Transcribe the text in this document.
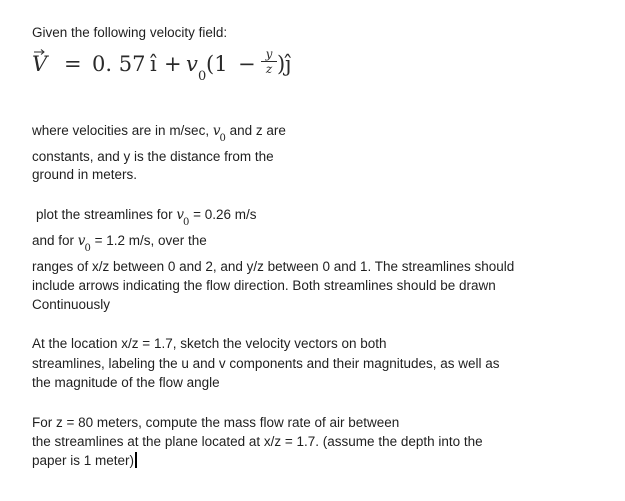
Given the following velocity field:
V = 0. 57 î + v
0
(1 − y
z ) ĵ
where velocities are in m/sec, $v_0$ and z are
constants, and y is the distance from the
ground in meters.
plot the streamlines for $v_0 = 0.26$ m/s
and for $v_0 = 1.2$ m/s, over the
ranges of x/z between 0 and 2, and y/z between 0 and 1. The streamlines should
include arrows indicating the flow direction. Both streamlines should be drawn
Continuously
At the location x/z = 1.7, sketch the velocity vectors on both
streamlines, labeling the u and v components and their magnitudes, as well as
the magnitude of the flow angle
For z = 80 meters, compute the mass flow rate of air between
the streamlines at the plane located at x/z = 1.7. (assume the depth into the
paper is 1 meter)
